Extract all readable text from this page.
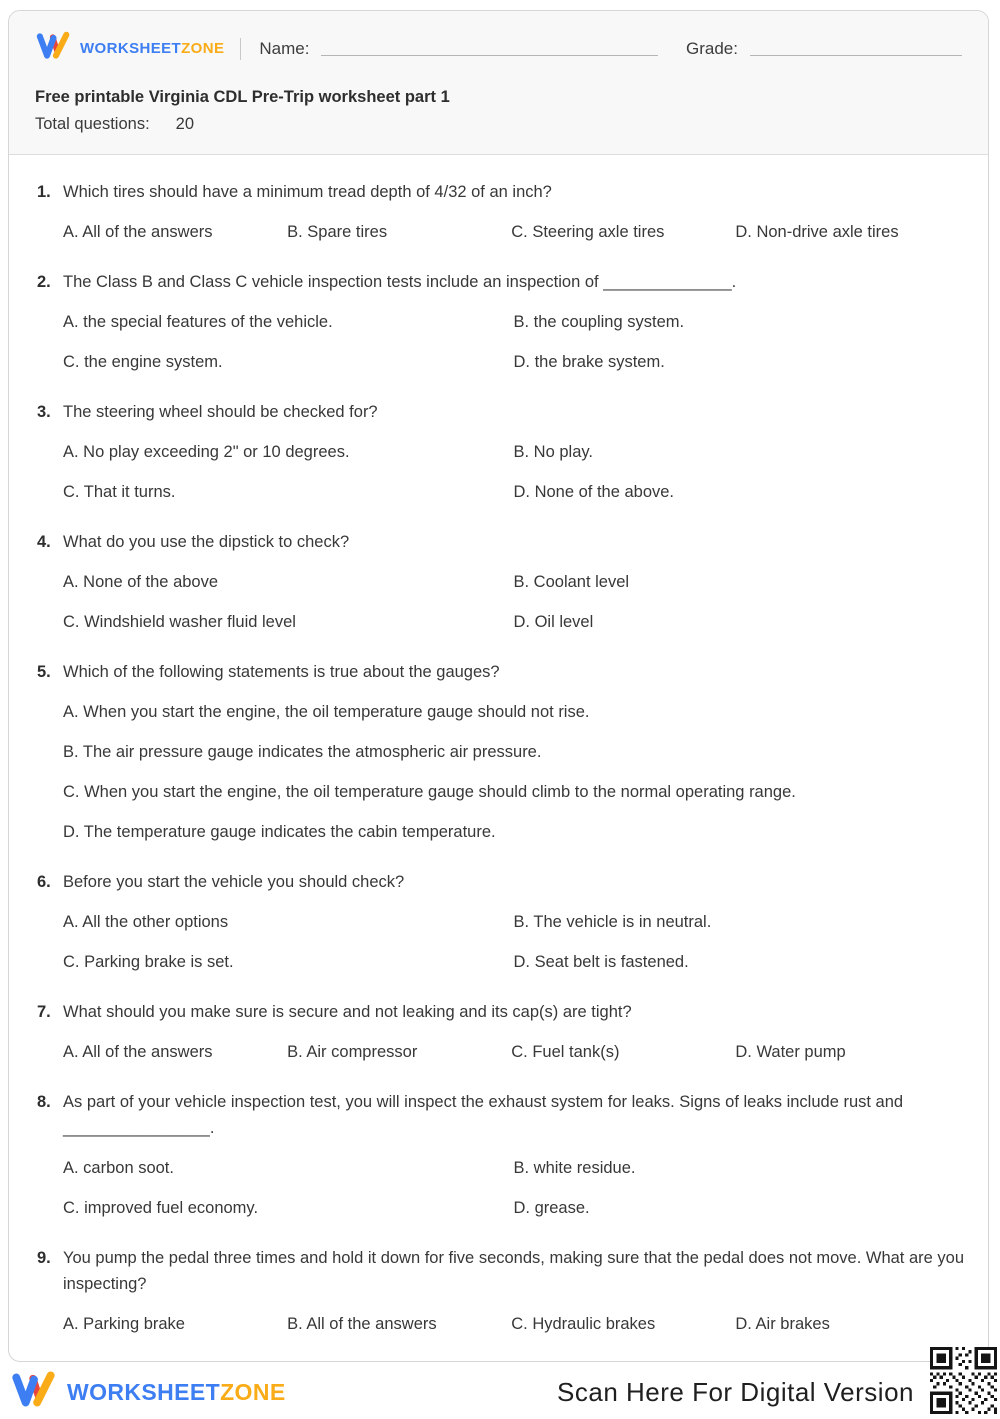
WORKSHEETZONE Name:	Grade:
Free printable Virginia CDL Pre-Trip worksheet part 1
Total questions: 20
1. Which tires should have a minimum tread depth of 4/32 of an inch?
A. All of the answers	B. Spare tires	C. Steering axle tires	D. Non-drive axle tires
2. The Class B and Class C vehicle inspection tests include an inspection of ______________.
A. the special features of the vehicle.	B. the coupling system.
C. the engine system.	D. the brake system.
3. The steering wheel should be checked for?
A. No play exceeding 2" or 10 degrees.	B. No play.
C. That it turns.	D. None of the above.
4. What do you use the dipstick to check?
A. None of the above	B. Coolant level
C. Windshield washer fluid level	D. Oil level
5. Which of the following statements is true about the gauges?
A. When you start the engine, the oil temperature gauge should not rise.
B. The air pressure gauge indicates the atmospheric air pressure.
C. When you start the engine, the oil temperature gauge should climb to the normal operating range.
D. The temperature gauge indicates the cabin temperature.
6. Before you start the vehicle you should check?
A. All the other options	B. The vehicle is in neutral.
C. Parking brake is set.	D. Seat belt is fastened.
7. What should you make sure is secure and not leaking and its cap(s) are tight?
A. All of the answers	B. Air compressor	C. Fuel tank(s)	D. Water pump
8. As part of your vehicle inspection test, you will inspect the exhaust system for leaks. Signs of leaks include rust and ________________.
A. carbon soot.	B. white residue.
C. improved fuel economy.	D. grease.
9. You pump the pedal three times and hold it down for five seconds, making sure that the pedal does not move. What are you inspecting?
A. Parking brake	B. All of the answers	C. Hydraulic brakes	D. Air brakes
WORKSHEETZONE	Scan Here For Digital Version
